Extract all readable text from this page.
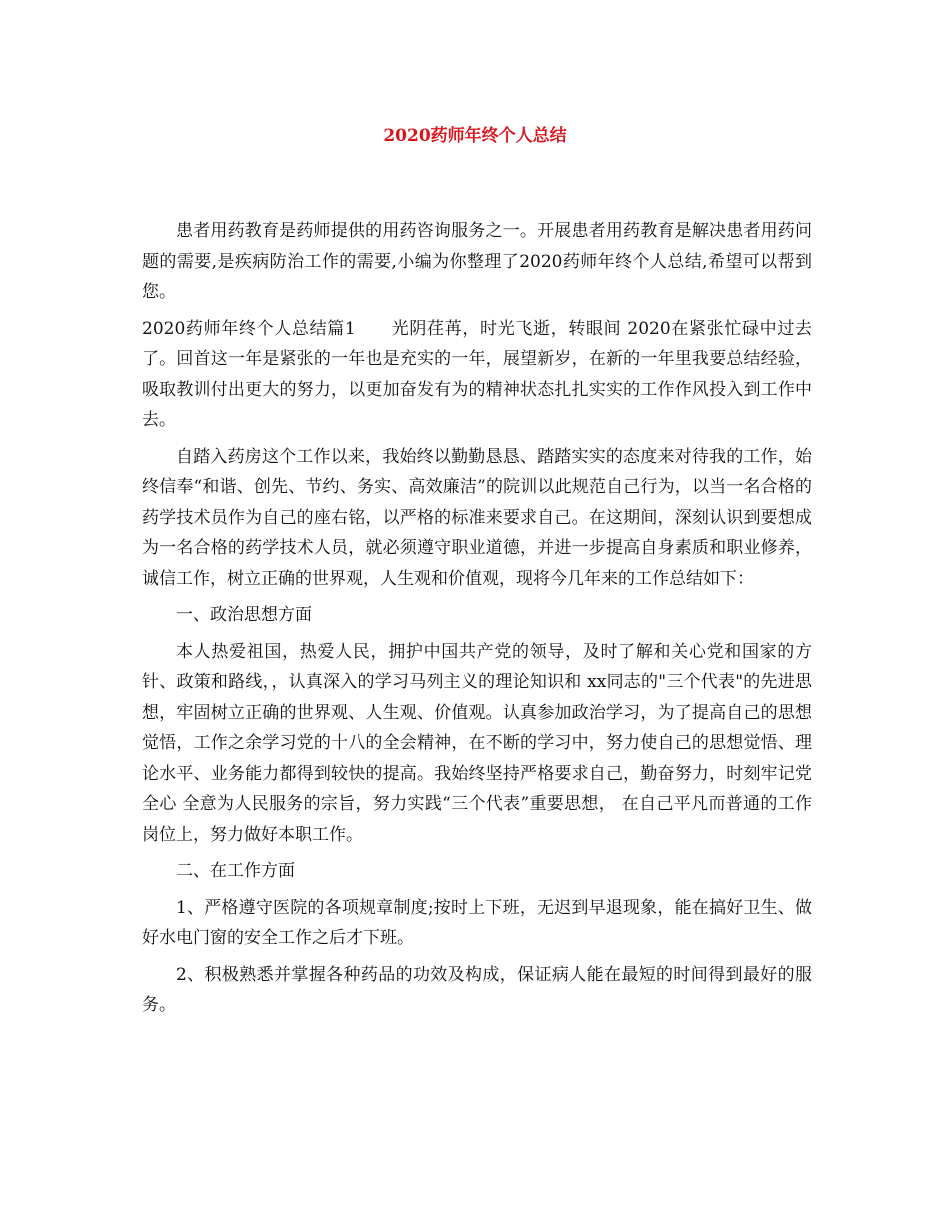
2020药师年终个人总结

患者用药教育是药师提供的用药咨询服务之一。开展患者用药教育是解决患者用药问题的需要,是疾病防治工作的需要,小编为你整理了2020药师年终个人总结,希望可以帮到您。

2020药师年终个人总结篇1　　光阴荏苒，时光飞逝，转眼间 2020在紧张忙碌中过去了。回首这一年是紧张的一年也是充实的一年，展望新岁，在新的一年里我要总结经验，吸取教训付出更大的努力，以更加奋发有为的精神状态扎扎实实的工作作风投入到工作中去。

自踏入药房这个工作以来，我始终以勤勤恳恳、踏踏实实的态度来对待我的工作，始终信奉“和谐、创先、节约、务实、高效廉洁”的院训以此规范自己行为，以当一名合格的药学技术员作为自己的座右铭，以严格的标准来要求自己。在这期间，深刻认识到要想成为一名合格的药学技术人员，就必须遵守职业道德，并进一步提高自身素质和职业修养，诚信工作，树立正确的世界观，人生观和价值观，现将今几年来的工作总结如下：

一、政治思想方面

本人热爱祖国，热爱人民，拥护中国共产党的领导，及时了解和关心党和国家的方针、政策和路线，，认真深入的学习马列主义的理论知识和 xx同志的"三个代表"的先进思想，牢固树立正确的世界观、人生观、价值观。认真参加政治学习，为了提高自己的思想觉悟，工作之余学习党的十八的全会精神，在不断的学习中，努力使自己的思想觉悟、理论水平、业务能力都得到较快的提高。我始终坚持严格要求自己，勤奋努力，时刻牢记党全心 全意为人民服务的宗旨，努力实践“三个代表”重要思想， 在自己平凡而普通的工作岗位上，努力做好本职工作。

二、在工作方面

1、严格遵守医院的各项规章制度;按时上下班，无迟到早退现象，能在搞好卫生、做好水电门窗的安全工作之后才下班。

2、积极熟悉并掌握各种药品的功效及构成，保证病人能在最短的时间得到最好的服务。
